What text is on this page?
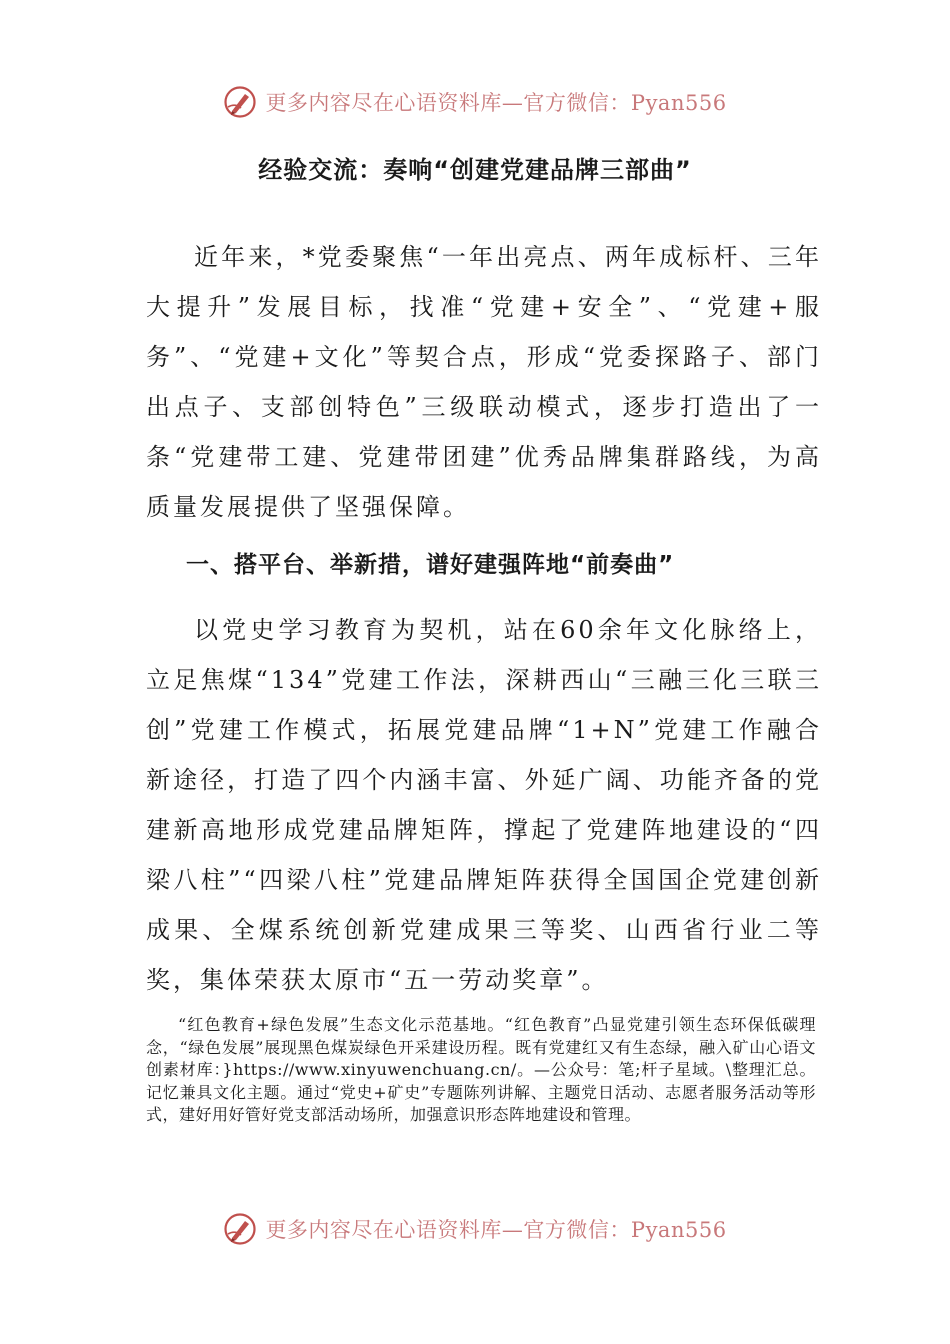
更多内容尽在心语资料库—官方微信：Pyan556
经验交流：奏响“创建党建品牌三部曲”

近年来，*党委聚焦“一年出亮点、两年成标杆、三年大提升”发展目标，找准“党建+安全”、“党建+服务”、“党建+文化”等契合点，形成“党委探路子、部门出点子、支部创特色”三级联动模式，逐步打造出了一条“党建带工建、党建带团建”优秀品牌集群路线，为高质量发展提供了坚强保障。

一、搭平台、举新措，谱好建强阵地“前奏曲”

以党史学习教育为契机，站在60余年文化脉络上，立足焦煤“134”党建工作法，深耕西山“三融三化三联三创”党建工作模式，拓展党建品牌“1+N”党建工作融合新途径，打造了四个内涵丰富、外延广阔、功能齐备的党建新高地形成党建品牌矩阵，撑起了党建阵地建设的“四梁八柱”“四梁八柱”党建品牌矩阵获得全国国企党建创新成果、全煤系统创新党建成果三等奖、山西省行业二等奖，集体荣获太原市“五一劳动奖章”。

“红色教育+绿色发展”生态文化示范基地。“红色教育”凸显党建引领生态环保低碳理念，“绿色发展”展现黑色煤炭绿色开采建设历程。既有党建红又有生态绿，融入矿山心语文创素材库：}https://www.xinyuwenchuang.cn/。—公众号：笔;杆子星域。\整理汇总。记忆兼具文化主题。通过“党史+矿史”专题陈列讲解、主题党日活动、志愿者服务活动等形式，建好用好管好党支部活动场所，加强意识形态阵地建设和管理。

更多内容尽在心语资料库—官方微信：Pyan556
